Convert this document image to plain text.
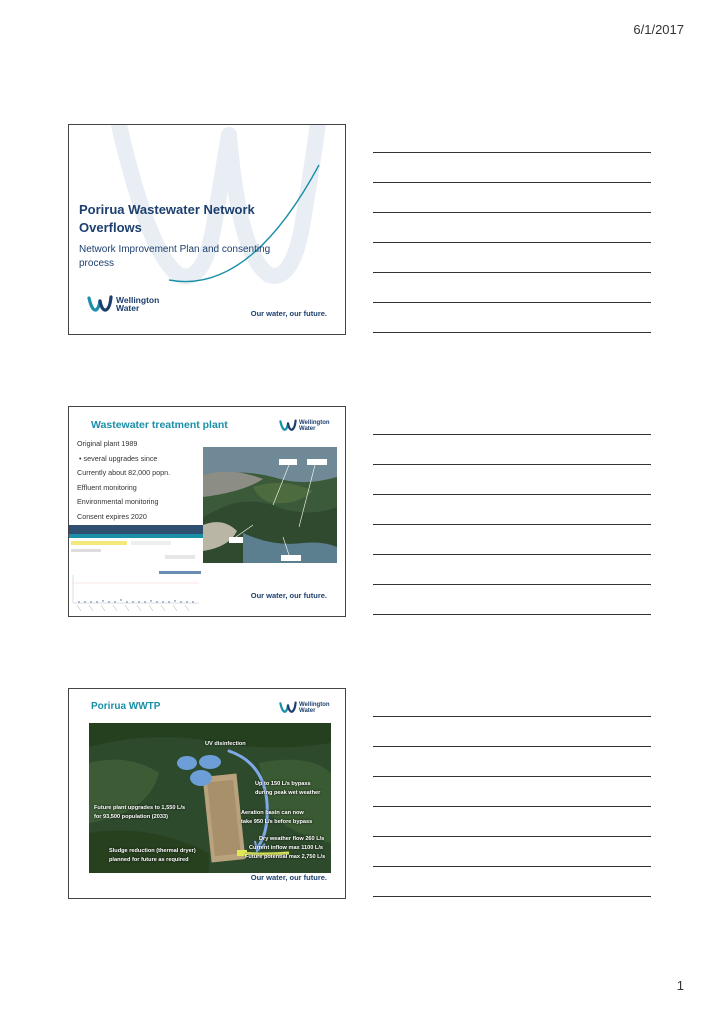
6/1/2017
Porirua Wastewater Network Overflows
Network Improvement Plan and consenting process
Wellington
Water
Our water, our future.
Wastewater treatment plant	Wellington
Water
Original plant 1989
• several upgrades since
Currently about 82,000 popn.
Effluent monitoring
Environmental monitoring
Consent expires 2020
Our water, our future.
Porirua WWTP	Wellington
Water
UV disinfection
Up to 150 L/s bypass
during peak wet weather
Future plant upgrades to 1,550 L/s
for 93,500 population (2033)
Aeration basin can now
take 950 L/s before bypass
Dry weather flow 260 L/s
Current inflow max 1100 L/s
Future potential max 2,750 L/s
Sludge reduction (thermal dryer)
planned for future as required
Our water, our future.
1
